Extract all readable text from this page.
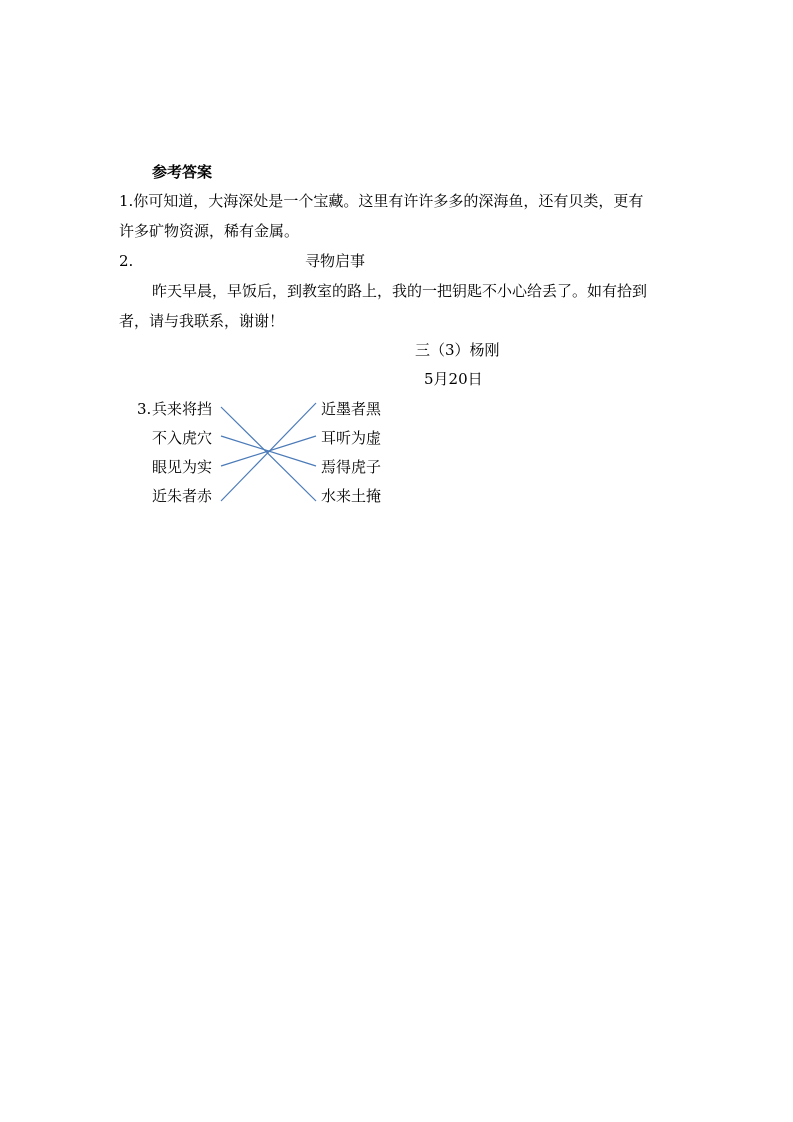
参考答案
1.你可知道，大海深处是一个宝藏。这里有许许多多的深海鱼，还有贝类，更有
许多矿物资源，稀有金属。
2.	寻物启事
昨天早晨，早饭后，到教室的路上，我的一把钥匙不小心给丢了。如有拾到
者，请与我联系，谢谢！
三（3）杨刚
5月20日
3. 兵来将挡
不入虎穴
眼见为实
近朱者赤
近墨者黑
耳听为虚
焉得虎子
水来土掩
